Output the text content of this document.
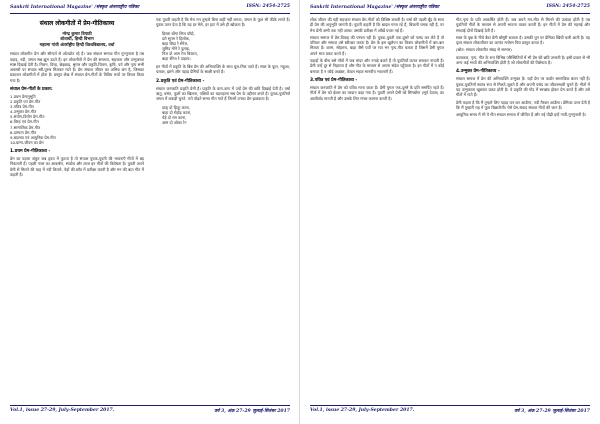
Sankrit International Magazine' /संस्कृत अंतरराष्ट्रीय पत्रिका	ISSN: 2454-2725
संथाल लोकगीतों में प्रेम-गीतिकाव्य
नरेन्द्र कुमार त्रिपाठी
शोधार्थी, हिन्दी विभाग
महात्मा गांधी अंतर्राष्ट्रीय हिन्दी विश्वविद्यालय, वर्धा

संथाल लोकगीत प्रेम और सौन्दर्य से ओतप्रोत रहे हैं। जब संथाल समाज गीत गुनगुनाता है तब पहाड़, नदी, जंगल सब झूम उठते हैं। इन लोकगीतों में प्रेम की सरलता, सहजता और उन्मुक्तता स्पष्ट दिखाई देती है। मिलन, विरह, छेड़छाड़, श्रृंगार और प्रकृति-चित्रण, कृषि, पर्व और नृत्य सभी अवसरों पर संथाल स्त्री-पुरुष मिलकर गाते हैं। प्रेम संथाल जीवन का अभिन्न अंग है, जिसका प्रकाशन लोकगीतों में होता है। प्रस्तुत लेख में संथाल प्रेम-गीतों के विविध रूपों पर विचार किया गया है।

संथाल प्रेम-गीतों के प्रकार:

1.प्रथम प्रेमानुभूति

2.प्रकृति एवं प्रेम-गीत

3.पवित्र प्रेम-गीत

4.उन्मुक्त प्रेम-गीत

5.संयोग-वियोग प्रेम-गीत

6.विरह एवं प्रेम-गीत

7.सामाजिक प्रेम-गीत

8.दाम्पत्य प्रेम-गीत

9.बदलाव एवं आधुनिक प्रेम-गीत

10.ग्राम्य-जीवन का प्रेम

1.प्रथम प्रेम-गीतिकाव्य -

प्रेम का पहला अंकुर जब हृदय में फूटता है तो संथाल युवक-युवती की भावनाएँ गीतों में बह निकलती हैं। पहली नजर का आकर्षण, संकोच और लाज इन गीतों की विशेषता है। युवती अपने प्रेमी से मिलने की चाह में नदी किनारे, पेड़ों की छाँव में प्रतीक्षा करती है और मन की बात गीत में कहती है।

एक युवती कहती है कि मेरा मन तुम्हारे बिना कहीं नहीं लगता, जंगल के फूल भी फीके लगते हैं। युवक उत्तर देता है कि वह हर मेले, हर हाट में उसे ही खोजता है।

हिरला बोंगा सिञ चाँदो,

दारे सुतम रे हिलोक,

बाहा बिंदा रे सेरेञ,

जुमिद मोने रे दुलाड़,

निञ दो आम रेञ चिकाय,

बाहा सेरेञ रे दाड़ाय।

इन गीतों में प्रकृति के बिंब प्रेम की अभिव्यक्ति के साथ घुल-मिल जाते हैं। साल के फूल, महुआ, पलाश, झरने और पहाड़ प्रेमियों के साक्षी बनते हैं।

2.प्रकृति एवं प्रेम-गीतिकाव्य -

संथाल जनजाति प्रकृति प्रेमी है। प्रकृति के कण-कण में उन्हें प्रेम की छवि दिखाई देती है। वर्षा ऋतु, वसंत, फूलों का खिलना, पक्षियों का चहचहाना सब प्रेम के उद्दीपन बनते हैं। युवक-युवतियाँ जंगल में लकड़ी चुनते, पत्ते तोड़ते समय गीत गाते हैं जिनमें उनका प्रेम झलकता है।

दाक् दो हिजुः काना,

बाहा दो रोहोड़ काना,

चेड़े दो राग काना,

आम दो ओका रे?

Vol.1, issue 27-29, July-September 2017.	वर्ष 3, अंक 27-29 जुलाई-सितंबर 2017
Sankrit International Magazine' /संस्कृत अंतरराष्ट्रीय पत्रिका	ISSN: 2454-2725

लोक जीवन की यही सहजता संथाल प्रेम-गीतों को विशिष्ट बनाती है। वर्षा की पहली बूँद के साथ ही प्रेम की अनुभूति जागती है। युवती कहती है कि बादल गरज रहे हैं, बिजली चमक रही है, पर मेरा प्रेमी अभी तक नहीं आया। उसकी प्रतीक्षा में आँखें पथरा गई हैं।

संथाल समाज में प्रेम-विवाह की परंपरा रही है। युवक-युवती एक-दूसरे को पसंद कर लेते हैं तो परिवार और समाज उसे स्वीकार करता है। प्रेम के इस खुलेपन का चित्रण लोकगीतों में बार-बार मिलता है। करम, सोहराय, बाहा जैसे पर्वों पर रात भर नृत्य-गीत चलता है जिसमें प्रेमी युगल अपने भाव प्रकट करते हैं।

पहाड़ों के बीच बसे गाँवों में जब मांदर और नगाड़े बजते हैं तो युवतियाँ कतार बनाकर नाचती हैं। प्रेमी उन्हें दूर से निहारता है और गीत के माध्यम से अपना संदेश पहुँचाता है। इन गीतों में न कोई बनावट है न कोई आडंबर, केवल सहज मानवीय भावनाएँ हैं।

3.पवित्र एवं प्रेम-गीतिकाव्य -

संथाल जनजाति में प्रेम को पवित्र माना जाता है। प्रेमी युगल एक-दूसरे के प्रति समर्पित रहते हैं। गीतों में प्रेम को ईश्वर का वरदान कहा गया है। युवती अपने प्रेमी को सिंगबोंगा (सूर्य देवता) का आशीर्वाद मानती है और उसके लिए मंगल कामना करती है।

गीत-नृत्य के प्रति आकर्षित होती हैं। जब अपने मन-मीत से मिलने की उत्कंठा होती है तब युवतियाँ गीतों के माध्यम से अपनी भावना व्यक्त करती हैं। इन गीतों में प्रेम की गहराई और सच्चाई दोनों दिखाई देती हैं।

साल के वृक्ष के नीचे बैठा प्रेमी बाँसुरी बजाता है। उसकी धुन पर प्रेमिका खिंची चली आती है। यह दृश्य संथाल लोकजीवन का अत्यंत मनोरम चित्र प्रस्तुत करता है।

(स्रोत: संथाल लोकगीत संग्रह से साभार)

कलाकार, नृत्य, गीत के रूप विभिन्न परिस्थितियों में भी प्रेम की छवि उभरती है। इसी प्रकार से भी अन्य कई भावों की अभिव्यक्ति होती है जो लोकगीतों की विशेषता है।

4.उन्मुक्त प्रेम-गीतिकाव्य -

संथाल समाज में प्रेम की अभिव्यक्ति उन्मुक्त है। यहाँ प्रेम पर कठोर सामाजिक बंधन नहीं हैं। युवक-युवतियाँ स्वतंत्र रूप से मिलते-जुलते हैं और अपनी पसंद का जीवनसाथी चुनते हैं। गीतों में यह उन्मुक्तता खुलकर प्रकट होती है। वे प्रकृति की गोद में स्वच्छंद होकर प्रेम करते हैं और उसे गीतों में गाते हैं।

प्रेमी कहता है कि मैं तुम्हारे लिए पहाड़ पार कर आऊँगा, नदी तैरकर आऊँगा। प्रेमिका उत्तर देती है कि मैं तुम्हारी राह में फूल बिछाऊँगी। ऐसे प्रेम-संवाद संथाल गीतों की जान हैं।

आधुनिक समय में भी ये गीत संथाल समाज में जीवित हैं और नई पीढ़ी इन्हें गाती-गुनगुनाती है।

Vol.1, issue 27-29, July-September 2017.	वर्ष 3, अंक 27-29 जुलाई-सितंबर 2017
